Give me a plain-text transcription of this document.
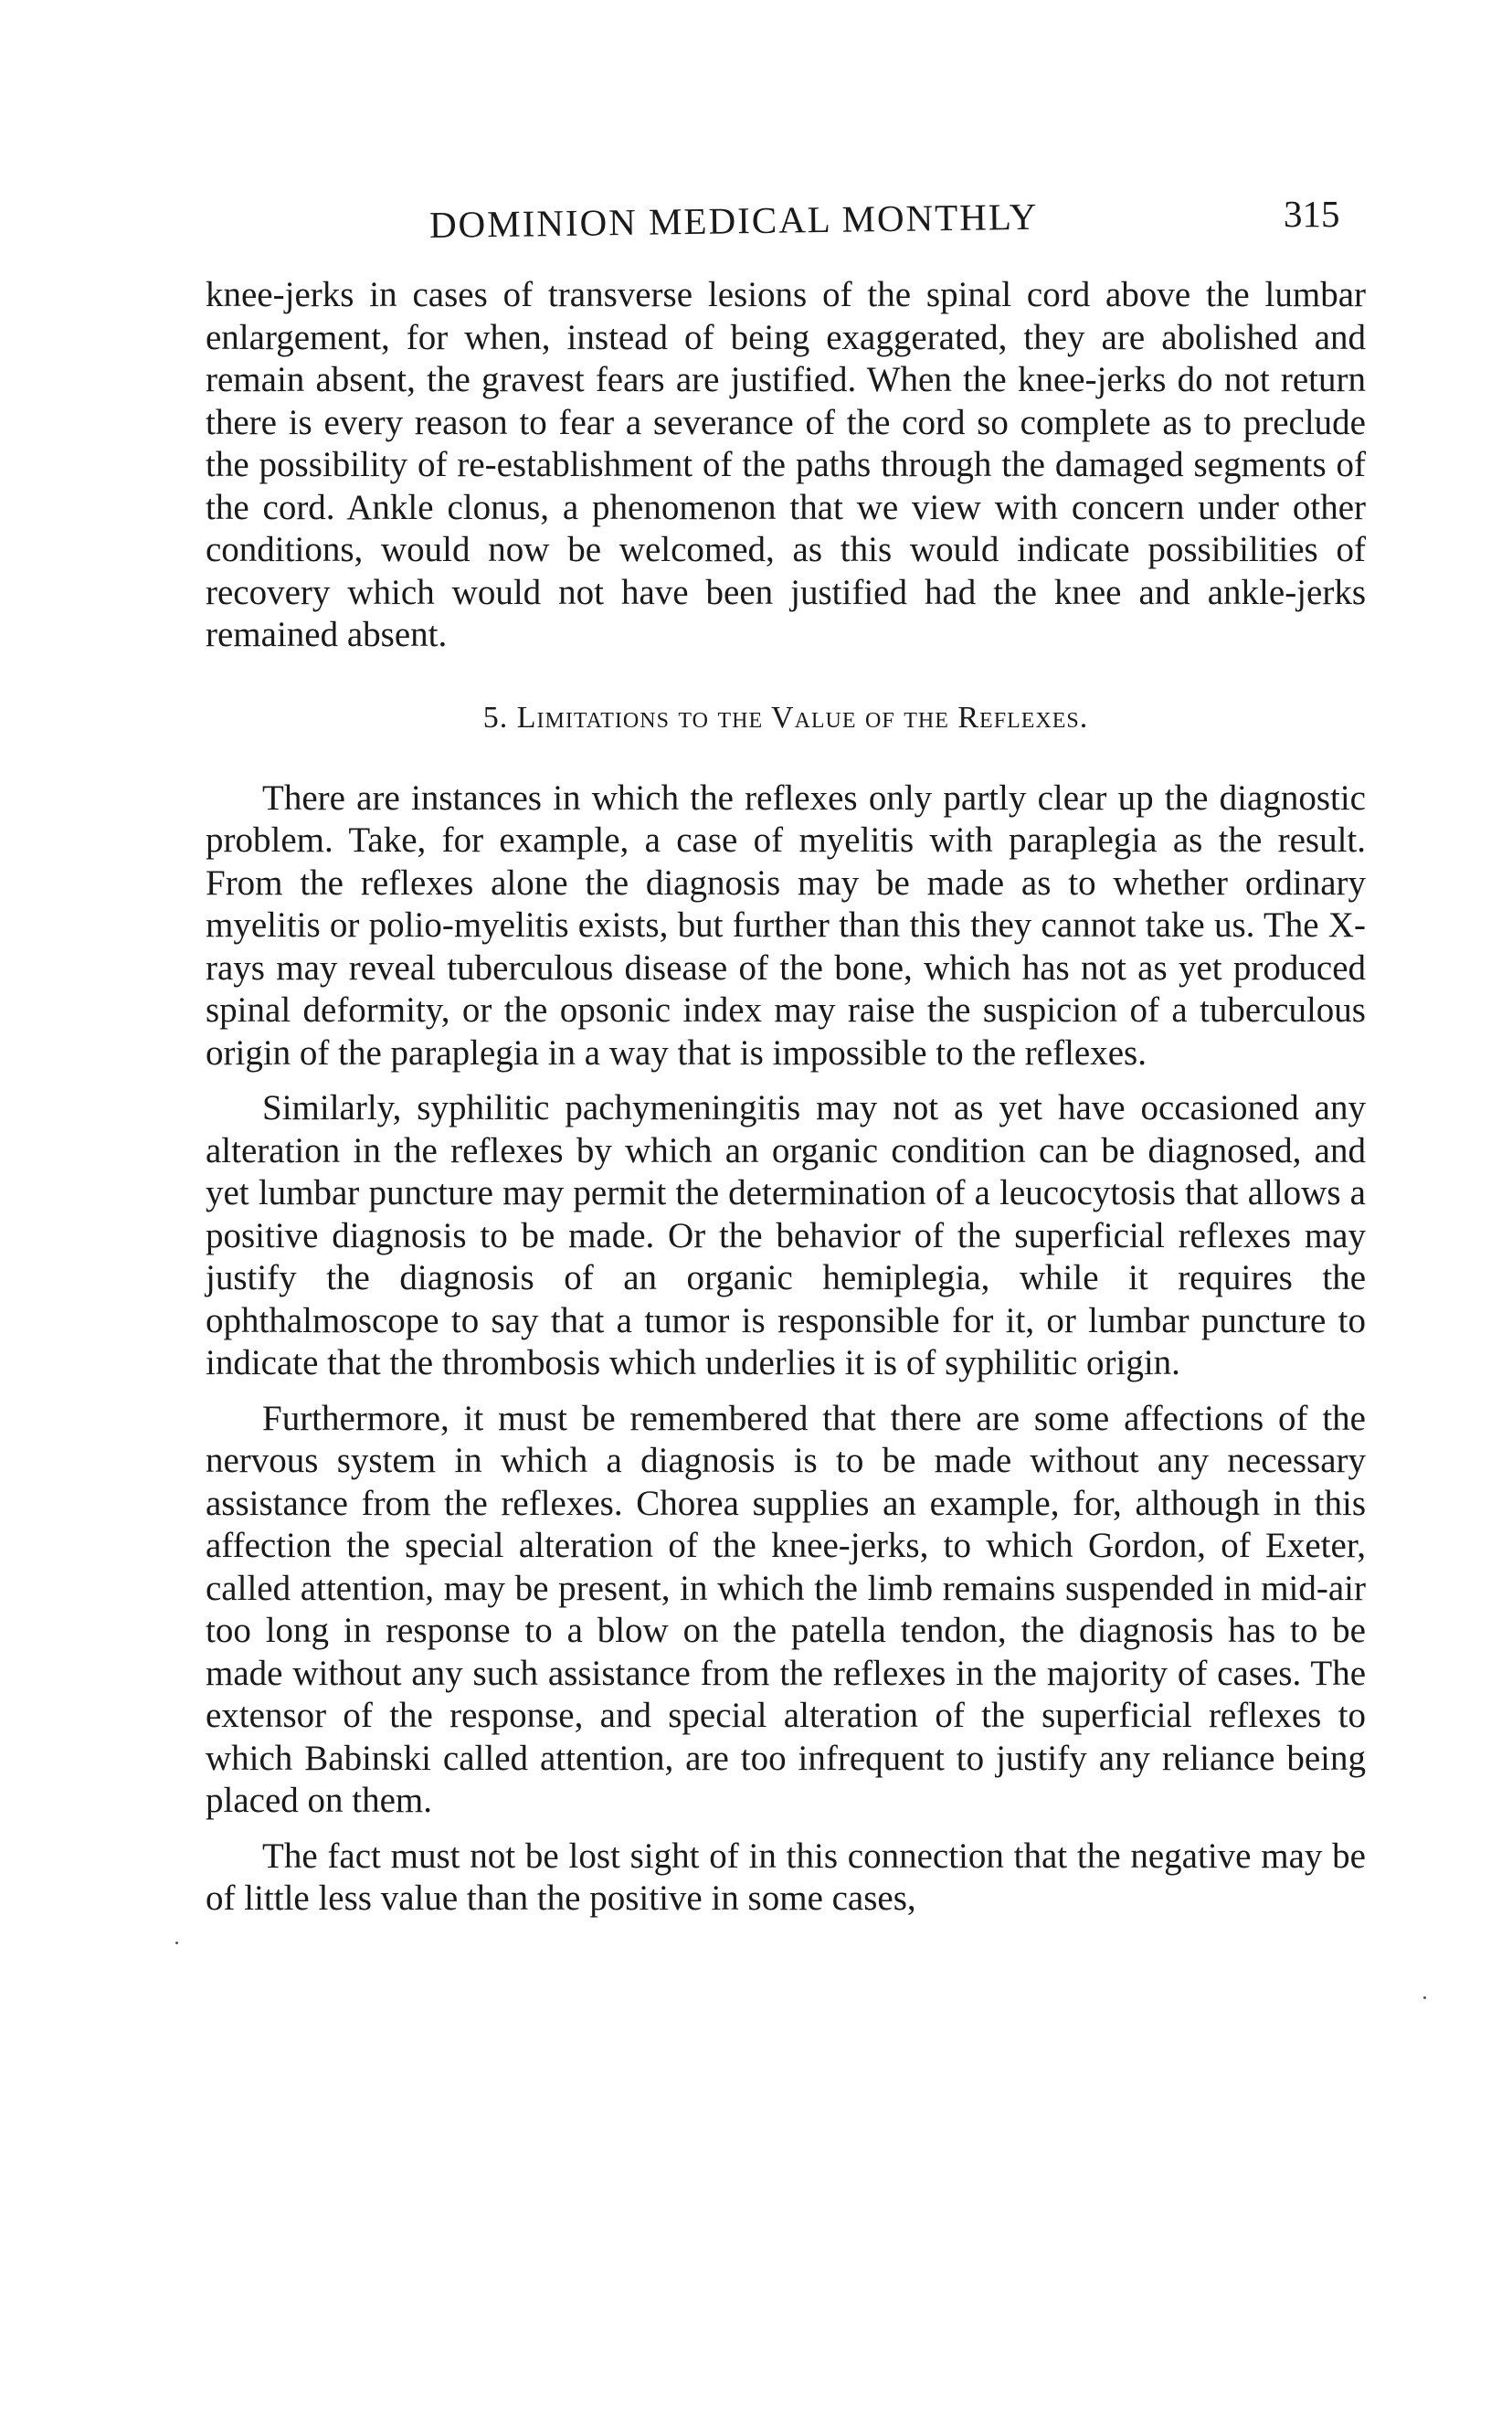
DOMINION MEDICAL MONTHLY	315

knee-jerks in cases of transverse lesions of the spinal cord above the lumbar enlargement, for when, instead of being exaggerated, they are abolished and remain absent, the gravest fears are justified. When the knee-jerks do not return there is every reason to fear a severance of the cord so complete as to preclude the possibility of re-establishment of the paths through the damaged segments of the cord. Ankle clonus, a phenomenon that we view with concern under other conditions, would now be welcomed, as this would indicate possibilities of recovery which would not have been justified had the knee and ankle-jerks remained absent.

5. Limitations to the Value of the Reflexes.

There are instances in which the reflexes only partly clear up the diagnostic problem. Take, for example, a case of myelitis with paraplegia as the result. From the reflexes alone the diagnosis may be made as to whether ordinary myelitis or polio-myelitis exists, but further than this they cannot take us. The X-rays may reveal tuberculous disease of the bone, which has not as yet produced spinal deformity, or the opsonic index may raise the suspicion of a tuberculous origin of the paraplegia in a way that is impossible to the reflexes.

Similarly, syphilitic pachymeningitis may not as yet have occasioned any alteration in the reflexes by which an organic condition can be diagnosed, and yet lumbar puncture may permit the determination of a leucocytosis that allows a positive diagnosis to be made. Or the behavior of the superficial reflexes may justify the diagnosis of an organic hemiplegia, while it requires the ophthalmoscope to say that a tumor is responsible for it, or lumbar puncture to indicate that the thrombosis which underlies it is of syphilitic origin.

Furthermore, it must be remembered that there are some affections of the nervous system in which a diagnosis is to be made without any necessary assistance from the reflexes. Chorea supplies an example, for, although in this affection the special alteration of the knee-jerks, to which Gordon, of Exeter, called attention, may be present, in which the limb remains suspended in mid-air too long in response to a blow on the patella tendon, the diagnosis has to be made without any such assistance from the reflexes in the majority of cases. The extensor of the response, and special alteration of the superficial reflexes to which Babinski called attention, are too infrequent to justify any reliance being placed on them.

The fact must not be lost sight of in this connection that the negative may be of little less value than the positive in some cases,
